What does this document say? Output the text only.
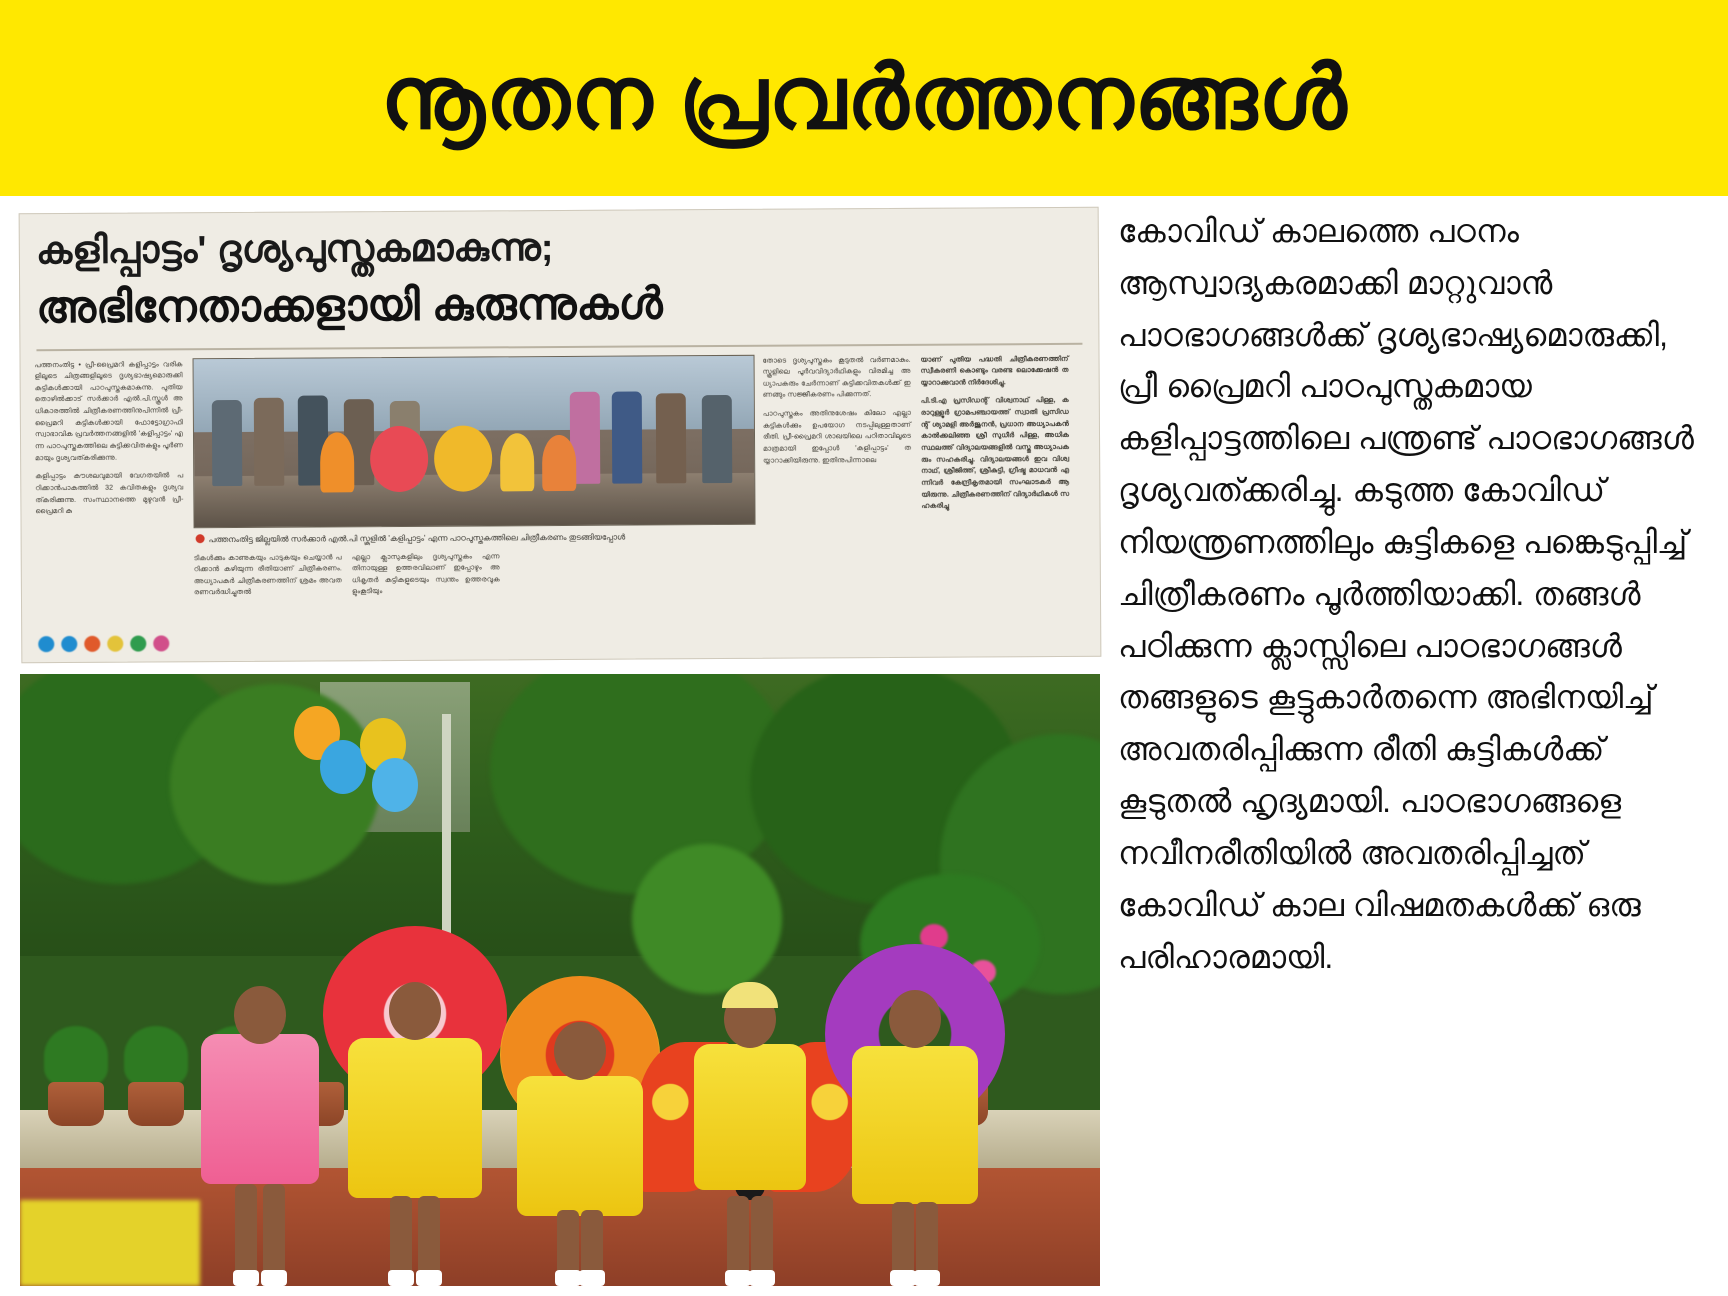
നൂതന പ്രവർത്തനങ്ങൾ
കളിപ്പാട്ടം' ദൃശ്യപുസ്തകമാകുന്നു;
അഭിനേതാക്കളായി കുരുന്നുകൾ
പത്തനംതിട്ട • പ്രീ-പ്രൈമറി കളിപ്പാട്ടം വരികളിലൂടെ ചിത്രങ്ങളിലൂടെ ദൃശ്യഭാഷ്യമൊരുക്കി കുട്ടികൾക്കായി പാഠപുസ്തകമാകുന്നു. പുതിയ തൊഴിൽക്കാട് സർക്കാർ എൽ.പി.സ്കൂൾ അധികാരത്തിൽ ചിത്രീകരണത്തിനുപിന്നിൽ പ്രീ-പ്രൈമറി കുട്ടികൾക്കായി ഫോട്ടോഗ്രാഫി സ്വാഭാവിക പ്രവർത്തനങ്ങളിൽ 'കളിപ്പാട്ടം' എന്ന പാഠപുസ്തകത്തിലെ കുട്ടിക്കവിതകളും പൂർണമായും ദൃശ്യവത്കരിക്കുന്നു.
കളിപ്പാട്ടം കൗശലവുമായി വേഗതയിൽ പഠിക്കാൻപാകത്തിൽ 32 കവിതകളും ദൃശ്യവത്കരിക്കുന്നു. സംസ്ഥാനത്തെ മുഴുവൻ പ്രീ-പ്രൈമറി കു
പത്തനംതിട്ട ജില്ലയിൽ സർക്കാർ എൽ.പി സ്കൂളിൽ 'കളിപ്പാട്ടം' എന്ന പാഠപുസ്തകത്തിലെ ചിത്രീകരണം തുടങ്ങിയപ്പോൾ
ടികൾക്കും കാണുകയും പാടുകയും ചെയ്യാൻ പഠിക്കാൻ കഴിയുന്ന രീതിയാണ് ചിത്രീകരണം. അധ്യാപകർ ചിത്രീകരണത്തിന് ശ്രമം അവതരണവർദ്ധിച്ചുതൽ
എല്ലാ ക്ലാസുകളിലും ദൃശ്യപുസ്തകം എന്നതിനായുള്ള ഉത്തരവിലാണ് ഇപ്പോഴും അധികൃതർ കുട്ടികളുടെയും സ്വന്തം ഉത്തരവുകളുംകൂടിയും
തോടെ ദൃശ്യപുസ്തകം കൂടുതൽ വർണമാകും. സ്കൂളിലെ പൂർവവിദ്യാർഥികളും വിരമിച്ച അധ്യാപകരും ചേർന്നാണ് കുട്ടിക്കവിതകൾക്ക് ഇണങ്ങും സജ്ജീകരണം പിക്കുന്നത്.
പാഠപുസ്തകം അതിനുശേഷം കിലോ എല്ലാ കുട്ടികൾക്കും ഉപയോഗ നടപ്പിലുള്ളതാണ് രീതി. പ്രീ-പ്രൈമറി ശാഖയിലെ പഠിതാവിലൂടെ മാത്രമായി ഇപ്പോൾ 'കളിപ്പാട്ടം' തയ്യാറാക്കിയിരുന്നു. ഇതിനുപിന്നാലെ
യാണ് പുതിയ പദ്ധതി ചിത്രീകരണത്തിന് സ്വീകരണി കൊണ്ടും വരണ്ട ലൊക്കേഷൻ തയ്യാറാക്കുവാൻ നിർദേശിച്ചു.
പി.ടി.എ പ്രസിഡന്റ് വിശ്വനാഥ് പിള്ള, കരാറുള്ളൂർ ഗ്രാമപഞ്ചായത്ത് സ്വാതി പ്രസിഡന്റ് ശ്യാമളി അർജുനൻ, പ്രധാന അധ്യാപകൻ കാൽക്കലിഞ്ഞ ശ്രീ സുധീർ പിള്ള, അധിക സ്ഥലത്ത് വിദ്യാലയങ്ങളിൽ വസ്തു അധ്യാപകരും സഹകരിച്ചു. വിദ്യാലയങ്ങൾ ഇവ വിശ്വനാഥ്, ശ്രീജിത്ത്, ശ്രീകുട്ടി, ഗ്രീഷ്മ മാധവൻ എന്നിവർ കേന്ദ്രീകൃതമായി സംഘാടകർ ആയിരുന്നു. ചിത്രീകരണത്തിന് വിദ്യാർഥികൾ സഹകരിച്ചു

കോവിഡ് കാലത്തെ പഠനം ആസ്വാദ്യകരമാക്കി മാറ്റുവാൻ പാഠഭാഗങ്ങൾക്ക് ദൃശ്യഭാഷ്യമൊരുക്കി, പ്രീ പ്രൈമറി പാഠപുസ്തകമായ കളിപ്പാട്ടത്തിലെ പന്ത്രണ്ട് പാഠഭാഗങ്ങൾ ദൃശ്യവത്ക്കരിച്ചു. കടുത്ത കോവിഡ് നിയന്ത്രണത്തിലും കുട്ടികളെ പങ്കെടുപ്പിച്ച് ചിത്രീകരണം പൂർത്തിയാക്കി. തങ്ങൾ പഠിക്കുന്ന ക്ലാസ്സിലെ പാഠഭാഗങ്ങൾ തങ്ങളുടെ കൂട്ടുകാർതന്നെ അഭിനയിച്ച് അവതരിപ്പിക്കുന്ന രീതി കുട്ടികൾക്ക് കൂടുതൽ ഹൃദ്യമായി. പാഠഭാഗങ്ങളെ നവീനരീതിയിൽ അവതരിപ്പിച്ചത് കോവിഡ് കാല വിഷമതകൾക്ക് ഒരു പരിഹാരമായി.
